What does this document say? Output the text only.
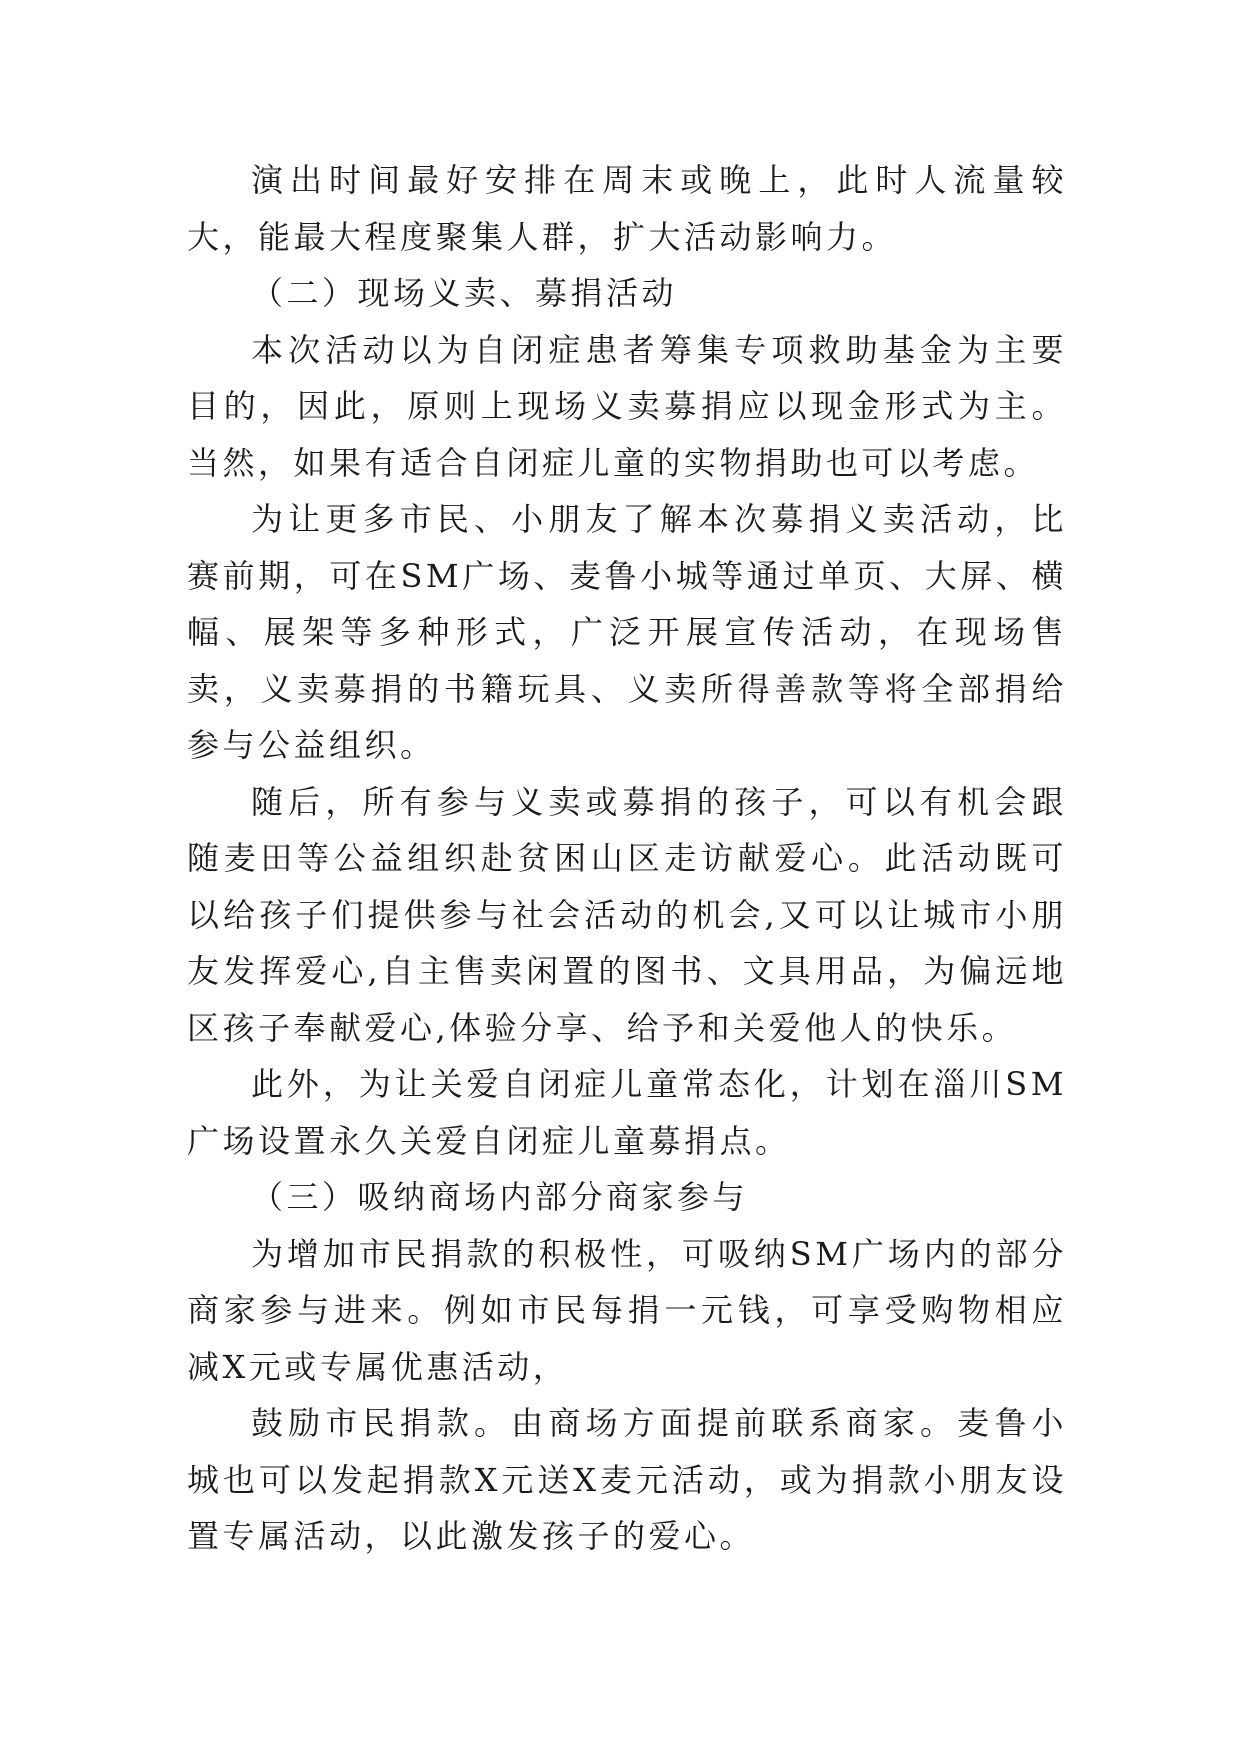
演出时间最好安排在周末或晚上，此时人流量较大，能最大程度聚集人群，扩大活动影响力。

（二）现场义卖、募捐活动

本次活动以为自闭症患者筹集专项救助基金为主要目的，因此，原则上现场义卖募捐应以现金形式为主。当然，如果有适合自闭症儿童的实物捐助也可以考虑。

为让更多市民、小朋友了解本次募捐义卖活动，比赛前期，可在SM广场、麦鲁小城等通过单页、大屏、横幅、展架等多种形式，广泛开展宣传活动，在现场售卖，义卖募捐的书籍玩具、义卖所得善款等将全部捐给参与公益组织。

随后，所有参与义卖或募捐的孩子，可以有机会跟随麦田等公益组织赴贫困山区走访献爱心。此活动既可以给孩子们提供参与社会活动的机会,又可以让城市小朋友发挥爱心,自主售卖闲置的图书、文具用品，为偏远地区孩子奉献爱心,体验分享、给予和关爱他人的快乐。

此外，为让关爱自闭症儿童常态化，计划在淄川SM广场设置永久关爱自闭症儿童募捐点。

（三）吸纳商场内部分商家参与

为增加市民捐款的积极性，可吸纳SM广场内的部分商家参与进来。例如市民每捐一元钱，可享受购物相应减X元或专属优惠活动，

鼓励市民捐款。由商场方面提前联系商家。麦鲁小城也可以发起捐款X元送X麦元活动，或为捐款小朋友设置专属活动，以此激发孩子的爱心。
